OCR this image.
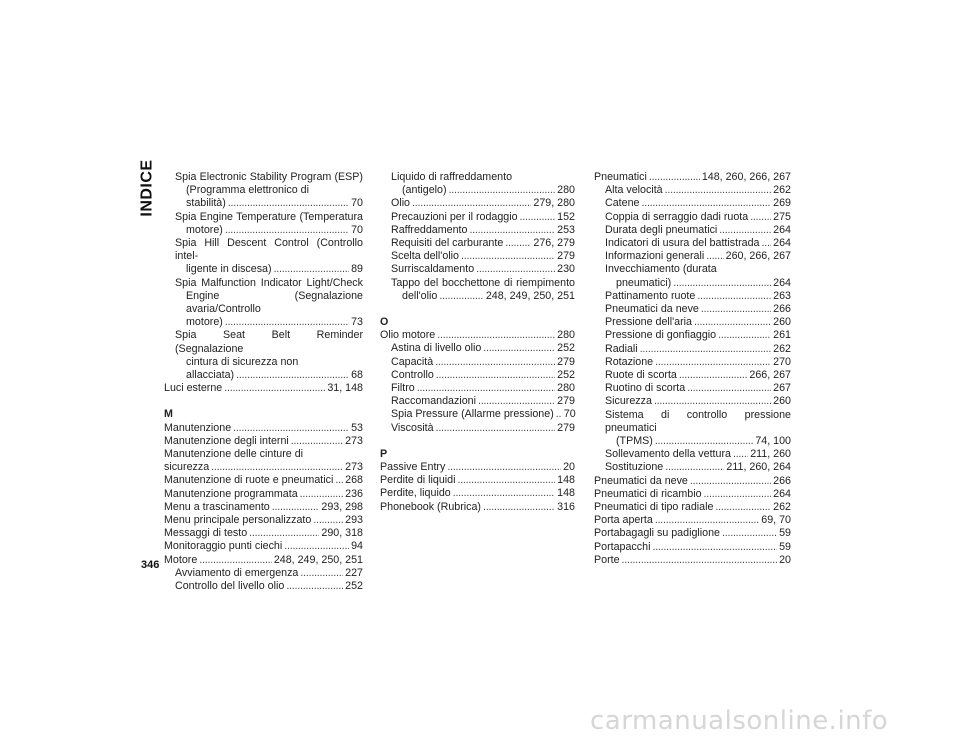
INDICE Spia Electronic Stability Program (ESP)
(Programma elettronico di
stabilità) . . .	70
Spia Engine Temperature (Temperatura
motore) . . .	70
Spia Hill Descent Control (Controllo intel-
ligente in discesa) . . .	89
Spia Malfunction Indicator Light/Check
Engine (Segnalazione avaria/Controllo
motore) . . .	73
Spia Seat Belt Reminder (Segnalazione
cintura di sicurezza non
allacciata) . . .	68
Luci esterne . . .	31, 148
M
Manutenzione . . .	53
Manutenzione degli interni . . .	273
Manutenzione delle cinture di
sicurezza . . .	273
Manutenzione di ruote e pneumatici . . . 268
Manutenzione programmata . . .	236
Menu a trascinamento . . .	293, 298
Menu principale personalizzato . . .	293
Messaggi di testo . . .	290, 318
Monitoraggio punti ciechi . . .	94
Motore . . .	248, 249, 250, 251
Avviamento di emergenza . . .	227
Controllo del livello olio . . .	252
Liquido di raffreddamento
(antigelo) . . .	280
Olio . . .	279, 280
Precauzioni per il rodaggio . . .	152
Raffreddamento . . .	253
Requisiti del carburante . . .	276, 279
Scelta dell'olio . . .	279
Surriscaldamento . . .	230
Tappo del bocchettone di riempimento
dell'olio . . .	248, 249, 250, 251
O
Olio motore . . .	280
Astina di livello olio . . .	252
Capacità . . .	279
Controllo . . .	252
Filtro . . .	280
Raccomandazioni . . .	279
Spia Pressure (Allarme pressione) . . . 70
Viscosità . . .	279
P
Passive Entry . . .	20
Perdite di liquidi . . .	148
Perdite, liquido . . .	148
Phonebook (Rubrica) . . .	316
Pneumatici . . .	148, 260, 266, 267
Alta velocità . . .	262
Catene . . .	269
Coppia di serraggio dadi ruota . . . 275
Durata degli pneumatici . . .	264
Indicatori di usura del battistrada . . . 264
Informazioni generali . . . 260, 266, 267
Invecchiamento (durata
pneumatici) . . .	264
Pattinamento ruote . . .	263
Pneumatici da neve . . .	266
Pressione dell'aria . . .	260
Pressione di gonfiaggio . . .	261
Radiali . . .	262
Rotazione . . .	270
Ruote di scorta . . .	266, 267
Ruotino di scorta . . .	267
Sicurezza . . .	260
Sistema di controllo pressione pneumatici
(TPMS) . . .	74, 100
Sollevamento della vettura . . . 211, 260
Sostituzione . . .	211, 260, 264
Pneumatici da neve . . .	266
Pneumatici di ricambio . . .	264
Pneumatici di tipo radiale . . .	262
Porta aperta . . .	69, 70
Portabagagli su padiglione . . .	59
Portapacchi . . .	59
Porte . . .	20
346
carmanualsonline.info
